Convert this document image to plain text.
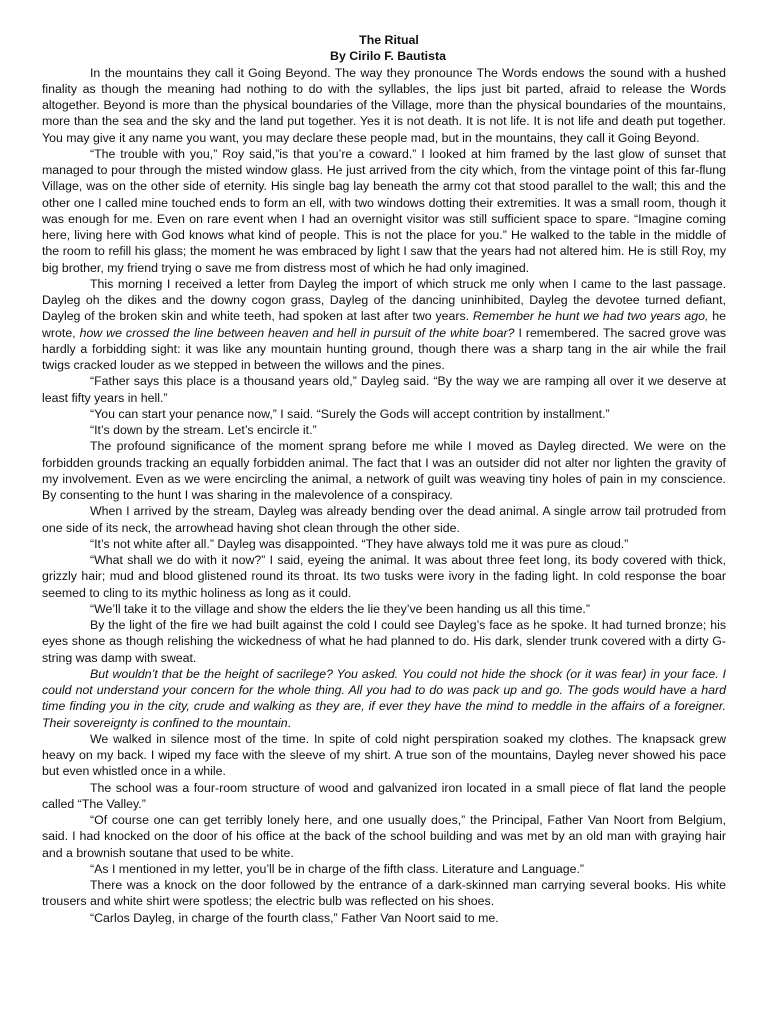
The Ritual

By Cirilo F. Bautista

In the mountains they call it Going Beyond. The way they pronounce The Words endows the sound with a hushed finality as though the meaning had nothing to do with the syllables, the lips just bit parted, afraid to release the Words altogether. Beyond is more than the physical boundaries of the Village, more than the physical boundaries of the mountains, more than the sea and the sky and the land put together. Yes it is not death. It is not life. It is not life and death put together. You may give it any name you want, you may declare these people mad, but in the mountains, they call it Going Beyond.

“The trouble with you,” Roy said,”is that you’re a coward.” I looked at him framed by the last glow of sunset that managed to pour through the misted window glass. He just arrived from the city which, from the vintage point of this far-flung Village, was on the other side of eternity. His single bag lay beneath the army cot that stood parallel to the wall; this and the other one I called mine touched ends to form an ell, with two windows dotting their extremities. It was a small room, though it was enough for me. Even on rare event when I had an overnight visitor was still sufficient space to spare. “Imagine coming here, living here with God knows what kind of people. This is not the place for you.” He walked to the table in the middle of the room to refill his glass; the moment he was embraced by light I saw that the years had not altered him. He is still Roy, my big brother, my friend trying o save me from distress most of which he had only imagined.

This morning I received a letter from Dayleg the import of which struck me only when I came to the last passage. Dayleg oh the dikes and the downy cogon grass, Dayleg of the dancing uninhibited, Dayleg the devotee turned defiant, Dayleg of the broken skin and white teeth, had spoken at last after two years. Remember he hunt we had two years ago, he wrote, how we crossed the line between heaven and hell in pursuit of the white boar? I remembered. The sacred grove was hardly a forbidding sight: it was like any mountain hunting ground, though there was a sharp tang in the air while the frail twigs cracked louder as we stepped in between the willows and the pines.

“Father says this place is a thousand years old,” Dayleg said. “By the way we are ramping all over it we deserve at least fifty years in hell.”

“You can start your penance now,” I said. “Surely the Gods will accept contrition by installment.”

“It’s down by the stream. Let’s encircle it.”

The profound significance of the moment sprang before me while I moved as Dayleg directed. We were on the forbidden grounds tracking an equally forbidden animal. The fact that I was an outsider did not alter nor lighten the gravity of my involvement. Even as we were encircling the animal, a network of guilt was weaving tiny holes of pain in my conscience. By consenting to the hunt I was sharing in the malevolence of a conspiracy.

When I arrived by the stream, Dayleg was already bending over the dead animal. A single arrow tail protruded from one side of its neck, the arrowhead having shot clean through the other side.

“It’s not white after all.” Dayleg was disappointed. “They have always told me it was pure as cloud.”

“What shall we do with it now?” I said, eyeing the animal. It was about three feet long, its body covered with thick, grizzly hair; mud and blood glistened round its throat. Its two tusks were ivory in the fading light. In cold response the boar seemed to cling to its mythic holiness as long as it could.

“We’ll take it to the village and show the elders the lie they’ve been handing us all this time.”

By the light of the fire we had built against the cold I could see Dayleg’s face as he spoke. It had turned bronze; his eyes shone as though relishing the wickedness of what he had planned to do. His dark, slender trunk covered with a dirty G-string was damp with sweat.

But wouldn’t that be the height of sacrilege? You asked. You could not hide the shock (or it was fear) in your face. I could not understand your concern for the whole thing. All you had to do was pack up and go. The gods would have a hard time finding you in the city, crude and walking as they are, if ever they have the mind to meddle in the affairs of a foreigner. Their sovereignty is confined to the mountain.

We walked in silence most of the time. In spite of cold night perspiration soaked my clothes. The knapsack grew heavy on my back. I wiped my face with the sleeve of my shirt. A true son of the mountains, Dayleg never showed his pace but even whistled once in a while.

The school was a four-room structure of wood and galvanized iron located in a small piece of flat land the people called “The Valley.”

“Of course one can get terribly lonely here, and one usually does,” the Principal, Father Van Noort from Belgium, said. I had knocked on the door of his office at the back of the school building and was met by an old man with graying hair and a brownish soutane that used to be white.

“As I mentioned in my letter, you’ll be in charge of the fifth class. Literature and Language.”

There was a knock on the door followed by the entrance of a dark-skinned man carrying several books. His white trousers and white shirt were spotless; the electric bulb was reflected on his shoes.

“Carlos Dayleg, in charge of the fourth class,” Father Van Noort said to me.
